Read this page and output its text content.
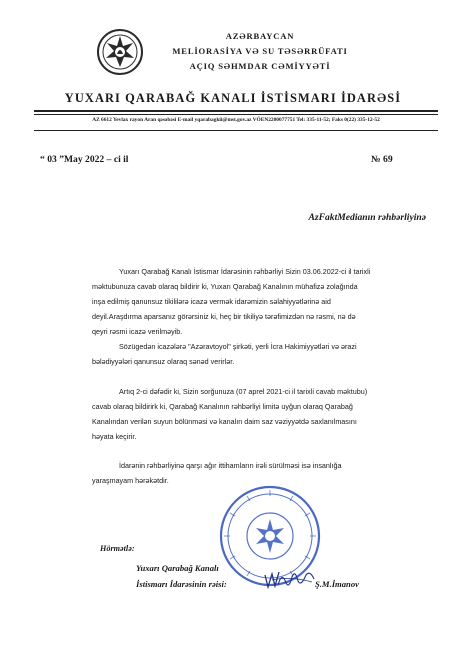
AZƏRBAYCAN
MELİORASİYA VƏ SU TƏSƏRRÜFATI
AÇIQ SƏHMDAR CƏMİYYƏTİ
YUXARI QARABAĞ KANALI İSTİSMARI İDARƏSİ
AZ 6612 Yevlax rayon Aran qəsəbəsi E-mail yqarabagkii@mst.gov.az VÖEN2200077751 Tel: 335-11-52; Faks 0(22) 335-12-52
“ 03 ”May 2022 – ci il	№ 69
AzFaktMedianın rəhbərliyinə

Yuxarı Qarabağ Kanalı İstismar İdarəsinin rəhbərliyi Sizin 03.06.2022-ci il tarixli

məktubunuza cavab olaraq bildirir ki, Yuxarı Qarabağ Kanalının mühafizə zolağında

inşa edilmiş qanunsuz tikililərə icazə vermək idarəmizin səlahiyyətlərinə aid

deyil.Araşdırma aparsanız görərsiniz ki, heç bir tikiliyə tərəfimizdən nə rəsmi, nə də

qeyri rəsmi icazə verilməyib.

Sözügedən icazələrə "Azəravtoyol" şirkəti, yerli İcra Hakimiyyətləri və ərazi

bələdiyyələri qanunsuz olaraq sənəd verirlər.

Artıq 2-ci dəfədir ki, Sizin sorğunuza (07 aprel 2021-ci il tarixli cavab məktubu)

cavab olaraq bildirirk ki, Qarabağ Kanalının rəhbərliyi limitə uyğun olaraq Qarabağ

Kanalından verilən suyun bölünməsi və kanalın daim saz vəziyyətdə saxlanılmasını

həyata keçirir.

İdarənin rəhbərliyinə qarşı ağır ittihamların irəli sürülməsi isə insanlığa

yaraşmayam hərəkətdir.

Hörmətlə:
Yuxarı Qarabağ Kanalı
İstismarı İdarəsinin rəisi:	Ş.M.İmanov
